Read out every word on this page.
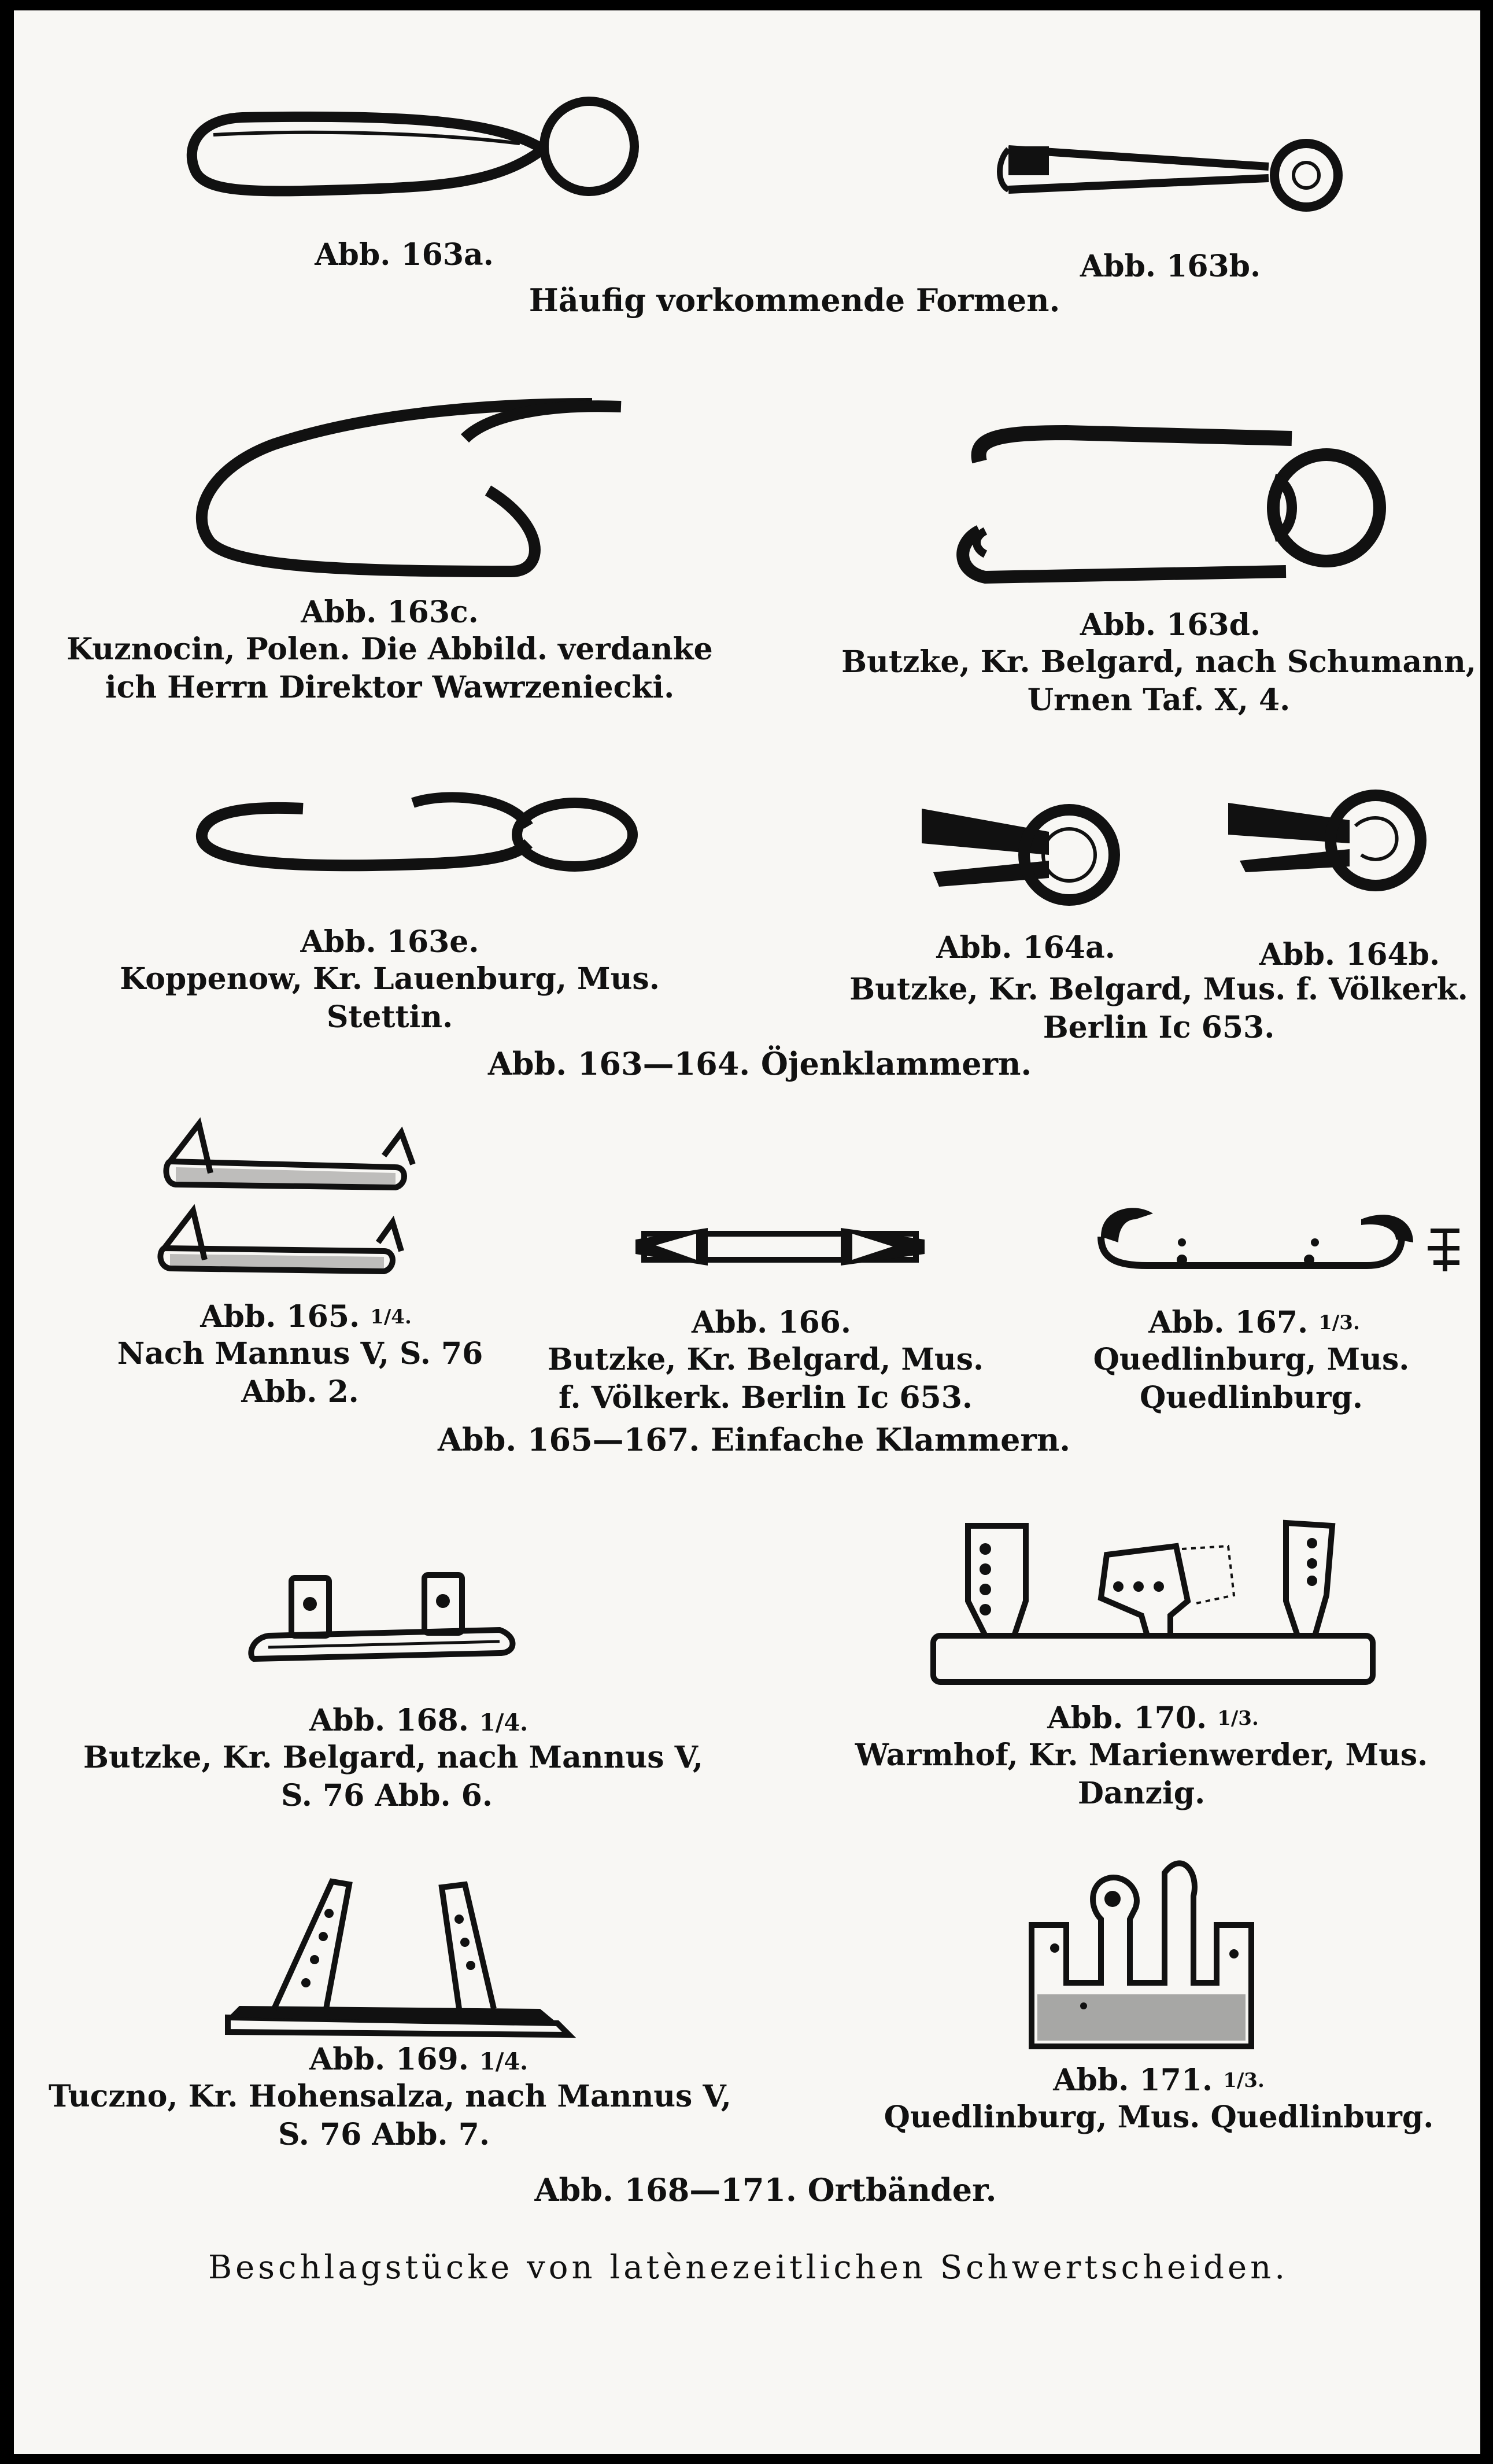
Abb. 163a.	Abb. 163b.
Häufig vorkommende Formen.
Abb. 163c.
Kuznocin, Polen. Die Abbild. verdanke
ich Herrn Direktor Wawrzeniecki.
Abb. 163d.
Butzke, Kr. Belgard, nach Schumann,
Urnen Taf. X, 4.
Abb. 163e.
Koppenow, Kr. Lauenburg, Mus.
Stettin.
Abb. 164a.	Abb. 164b.
Butzke, Kr. Belgard, Mus. f. Völkerk.
Berlin Ic 653.
Abb. 163—164. Öjenklammern.
Abb. 165. $^{1/4.}$
Nach Mannus V, S. 76
Abb. 2.
Abb. 166.
Butzke, Kr. Belgard, Mus.
f. Völkerk. Berlin Ic 653.
Abb. 167. $^{1/3.}$
Quedlinburg, Mus.
Quedlinburg.
Abb. 165—167. Einfache Klammern.
Abb. 168. 1/4.
Butzke, Kr. Belgard, nach Mannus V,
S. 76 Abb. 6.
Abb. 170. $^{1/3.}$
Warmhof, Kr. Marienwerder, Mus.
Danzig.
Abb. 169. 1/4.
Tuczno, Kr. Hohensalza, nach Mannus V,
S. 76 Abb. 7.
Abb. 171. $^{1/3.}$
Quedlinburg, Mus. Quedlinburg.
Abb. 168—171. Ortbänder.
Beschlagstücke von latènezeitlichen Schwertscheiden.
